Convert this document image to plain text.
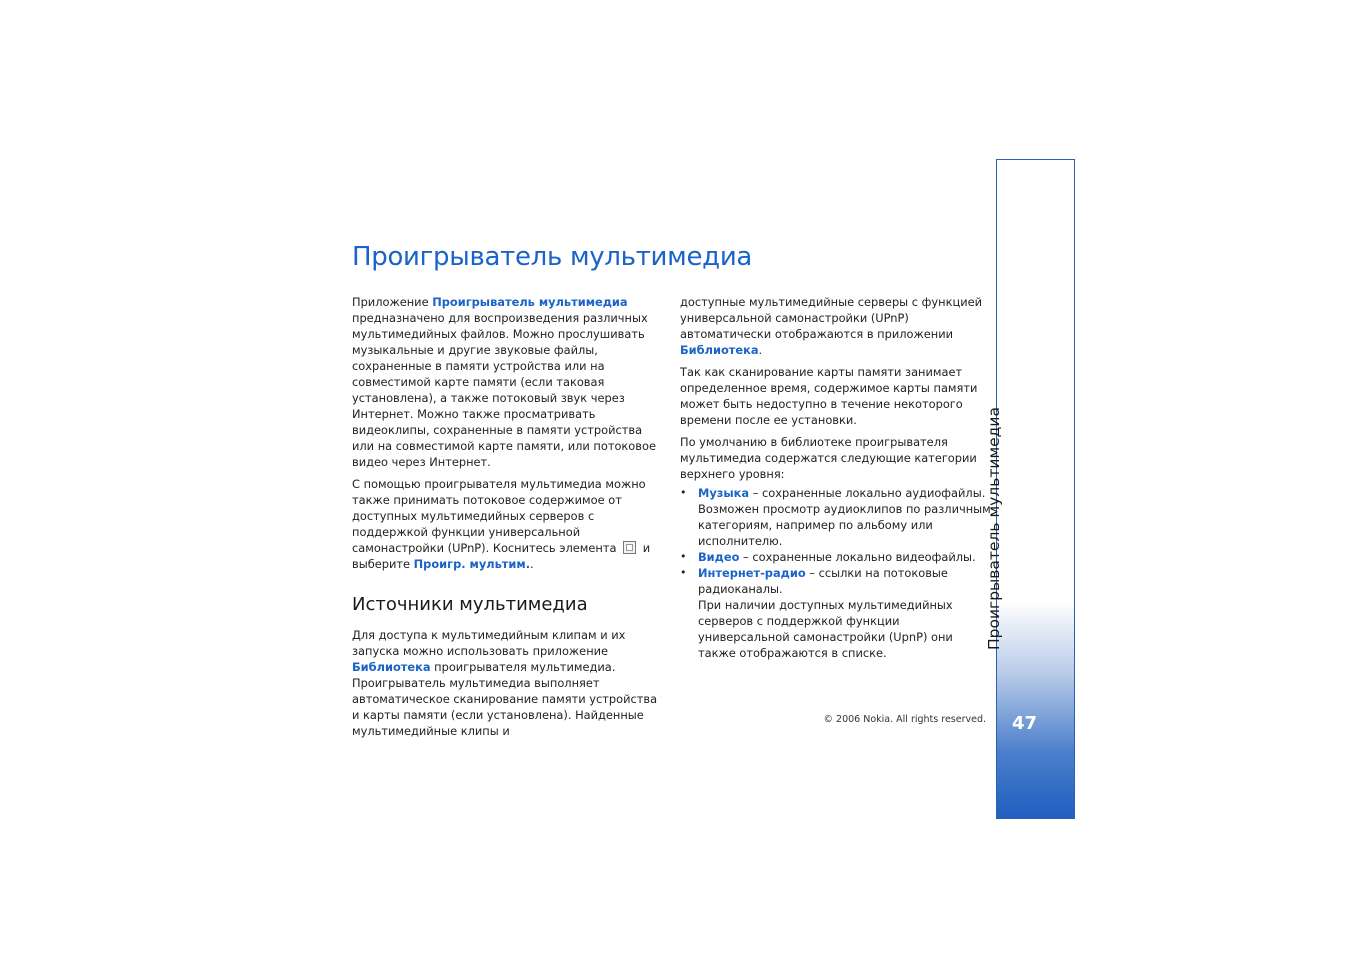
Проигрыватель мультимедиа

Приложение Проигрыватель мультимедиа предназначено для воспроизведения различных мультимедийных файлов. Можно прослушивать музыкальные и другие звуковые файлы, сохраненные в памяти устройства или на совместимой карте памяти (если таковая установлена), а также потоковый звук через Интернет. Можно также просматривать видеоклипы, сохраненные в памяти устройства или на совместимой карте памяти, или потоковое видео через Интернет.

С помощью проигрывателя мультимедиа можно также принимать потоковое содержимое от доступных мультимедийных серверов с поддержкой функции универсальной самонастройки (UPnP). Коснитесь элемента  и выберите Проигр. мультим..

Источники мультимедиа

Для доступа к мультимедийным клипам и их запуска можно использовать приложение Библиотека проигрывателя мультимедиа. Проигрыватель мультимедиа выполняет автоматическое сканирование памяти устройства и карты памяти (если установлена). Найденные мультимедийные клипы и

доступные мультимедийные серверы с функцией универсальной самонастройки (UPnP) автоматически отображаются в приложении Библиотека.

Так как сканирование карты памяти занимает определенное время, содержимое карты памяти может быть недоступно в течение некоторого времени после ее установки.

По умолчанию в библиотеке проигрывателя мультимедиа содержатся следующие категории верхнего уровня:

• Музыка – сохраненные локально аудиофайлы. Возможен просмотр аудиоклипов по различным категориям, например по альбому или исполнителю.
• Видео – сохраненные локально видеофайлы.
• Интернет-радио – ссылки на потоковые радиоканалы.
При наличии доступных мультимедийных серверов с поддержкой функции универсальной самонастройки (UpnP) они также отображаются в списке.
© 2006 Nokia. All rights reserved.
Проигрыватель мультимедиа
47
